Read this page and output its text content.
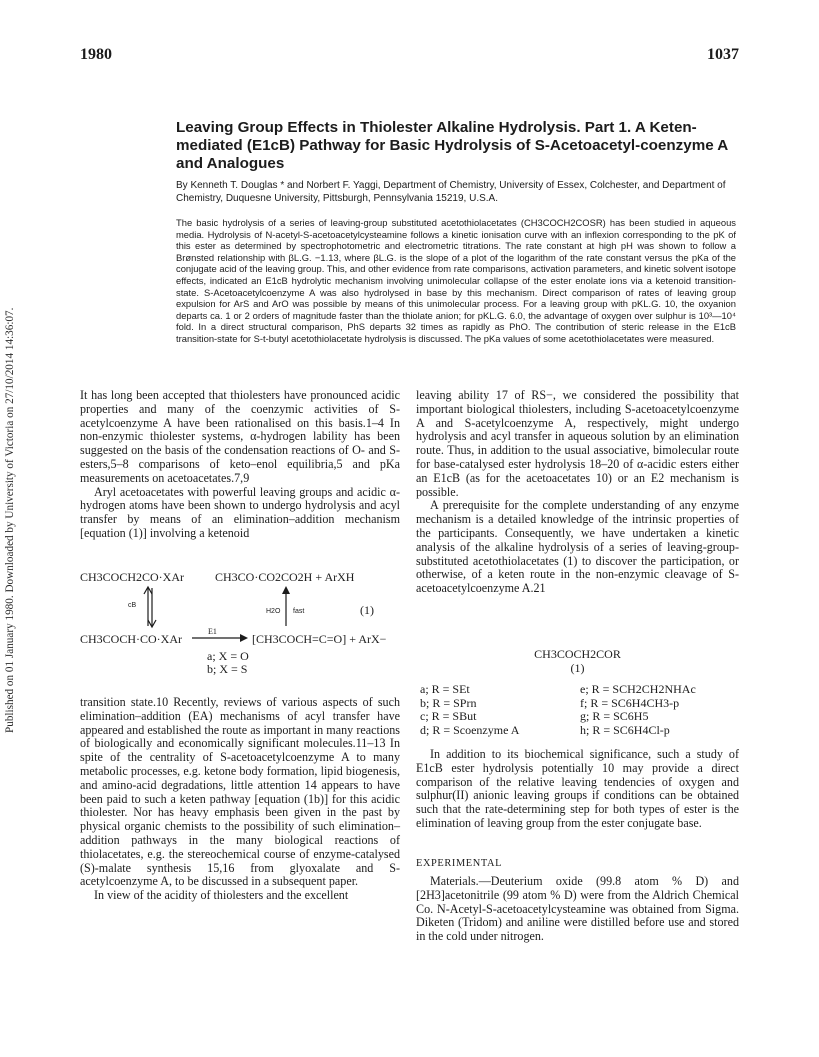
Published on 01 January 1980. Downloaded by University of Victoria on 27/10/2014 14:36:07.
1980	1037
Leaving Group Effects in Thiolester Alkaline Hydrolysis. Part 1. A Keten-mediated (E1cB) Pathway for Basic Hydrolysis of S-Acetoacetyl-coenzyme A and Analogues
By Kenneth T. Douglas * and Norbert F. Yaggi, Department of Chemistry, University of Essex, Colchester, and Department of Chemistry, Duquesne University, Pittsburgh, Pennsylvania 15219, U.S.A.
The basic hydrolysis of a series of leaving-group substituted acetothiolacetates (CH3COCH2COSR) has been studied in aqueous media. Hydrolysis of N-acetyl-S-acetoacetylcysteamine follows a kinetic ionisation curve with an inflexion corresponding to the pK of this ester as determined by spectrophotometric and electrometric titrations. The rate constant at high pH was shown to follow a Brønsted relationship with βL.G. −1.13, where βL.G. is the slope of a plot of the logarithm of the rate constant versus the pKa of the conjugate acid of the leaving group. This, and other evidence from rate comparisons, activation parameters, and kinetic solvent isotope effects, indicated an E1cB hydrolytic mechanism involving unimolecular collapse of the ester enolate ions via a ketenoid transition-state. S-Acetoacetylcoenzyme A was also hydrolysed in base by this mechanism. Direct comparison of rates of leaving group expulsion for ArS and ArO was possible by means of this unimolecular process. For a leaving group with pKL.G. 10, the oxyanion departs ca. 1 or 2 orders of magnitude faster than the thiolate anion; for pKL.G. 6.0, the advantage of oxygen over sulphur is 10³—10⁴ fold. In a direct structural comparison, PhS departs 32 times as rapidly as PhO. The contribution of steric release in the E1cB transition-state for S-t-butyl acetothiolacetate hydrolysis is discussed. The pKa values of some acetothiolacetates were measured.

It has long been accepted that thiolesters have pronounced acidic properties and many of the coenzymic activities of S-acetylcoenzyme A have been rationalised on this basis.1–4 In non-enzymic thiolester systems, α-hydrogen lability has been suggested on the basis of the condensation reactions of O- and S-esters,5–8 comparisons of keto–enol equilibria,5 and pKa measurements on acetoacetates.7,9

Aryl acetoacetates with powerful leaving groups and acidic α-hydrogen atoms have been shown to undergo hydrolysis and acyl transfer by means of an elimination–addition mechanism [equation (1)] involving a ketenoid

CH3COCH2CO·XAr	CH3CO·CO2CO2H + ArXH
cB
H2O fast	(1)
CH3COCH·CO·XAr
E1
[CH3COCH=C=O] + ArX−
a; X = O
b; X = S

transition state.10 Recently, reviews of various aspects of such elimination–addition (EA) mechanisms of acyl transfer have appeared and established the route as important in many reactions of biologically and economically significant molecules.11–13 In spite of the centrality of S-acetoacetylcoenzyme A to many metabolic processes, e.g. ketone body formation, lipid biogenesis, and amino-acid degradations, little attention 14 appears to have been paid to such a keten pathway [equation (1b)] for this acidic thiolester. Nor has heavy emphasis been given in the past by physical organic chemists to the possibility of such elimination–addition pathways in the many biological reactions of thiolacetates, e.g. the stereochemical course of enzyme-catalysed (S)-malate synthesis 15,16 from glyoxalate and S-acetylcoenzyme A, to be discussed in a subsequent paper.

In view of the acidity of thiolesters and the excellent

leaving ability 17 of RS−, we considered the possibility that important biological thiolesters, including S-acetoacetylcoenzyme A and S-acetylcoenzyme A, respectively, might undergo hydrolysis and acyl transfer in aqueous solution by an elimination route. Thus, in addition to the usual associative, bimolecular route for base-catalysed ester hydrolysis 18–20 of α-acidic esters either an E1cB (as for the acetoacetates 10) or an E2 mechanism is possible.

A prerequisite for the complete understanding of any enzyme mechanism is a detailed knowledge of the intrinsic properties of the participants. Consequently, we have undertaken a kinetic analysis of the alkaline hydrolysis of a series of leaving-group-substituted acetothiolacetates (1) to discover the participation, or otherwise, of a keten route in the non-enzymic cleavage of S-acetoacetylcoenzyme A.21

CH3COCH2COR
(1)
a; R = SEt	e; R = SCH2CH2NHAc
b; R = SPrn	f; R = SC6H4CH3-p
c; R = SBut	g; R = SC6H5
d; R = Scoenzyme A	h; R = SC6H4Cl-p

In addition to its biochemical significance, such a study of E1cB ester hydrolysis potentially 10 may provide a direct comparison of the relative leaving tendencies of oxygen and sulphur(II) anionic leaving groups if conditions can be obtained such that the rate-determining step for both types of ester is the elimination of leaving group from the ester conjugate base.

EXPERIMENTAL

Materials.—Deuterium oxide (99.8 atom % D) and [2H3]acetonitrile (99 atom % D) were from the Aldrich Chemical Co. N-Acetyl-S-acetoacetylcysteamine was obtained from Sigma. Diketen (Tridom) and aniline were distilled before use and stored in the cold under nitrogen.
